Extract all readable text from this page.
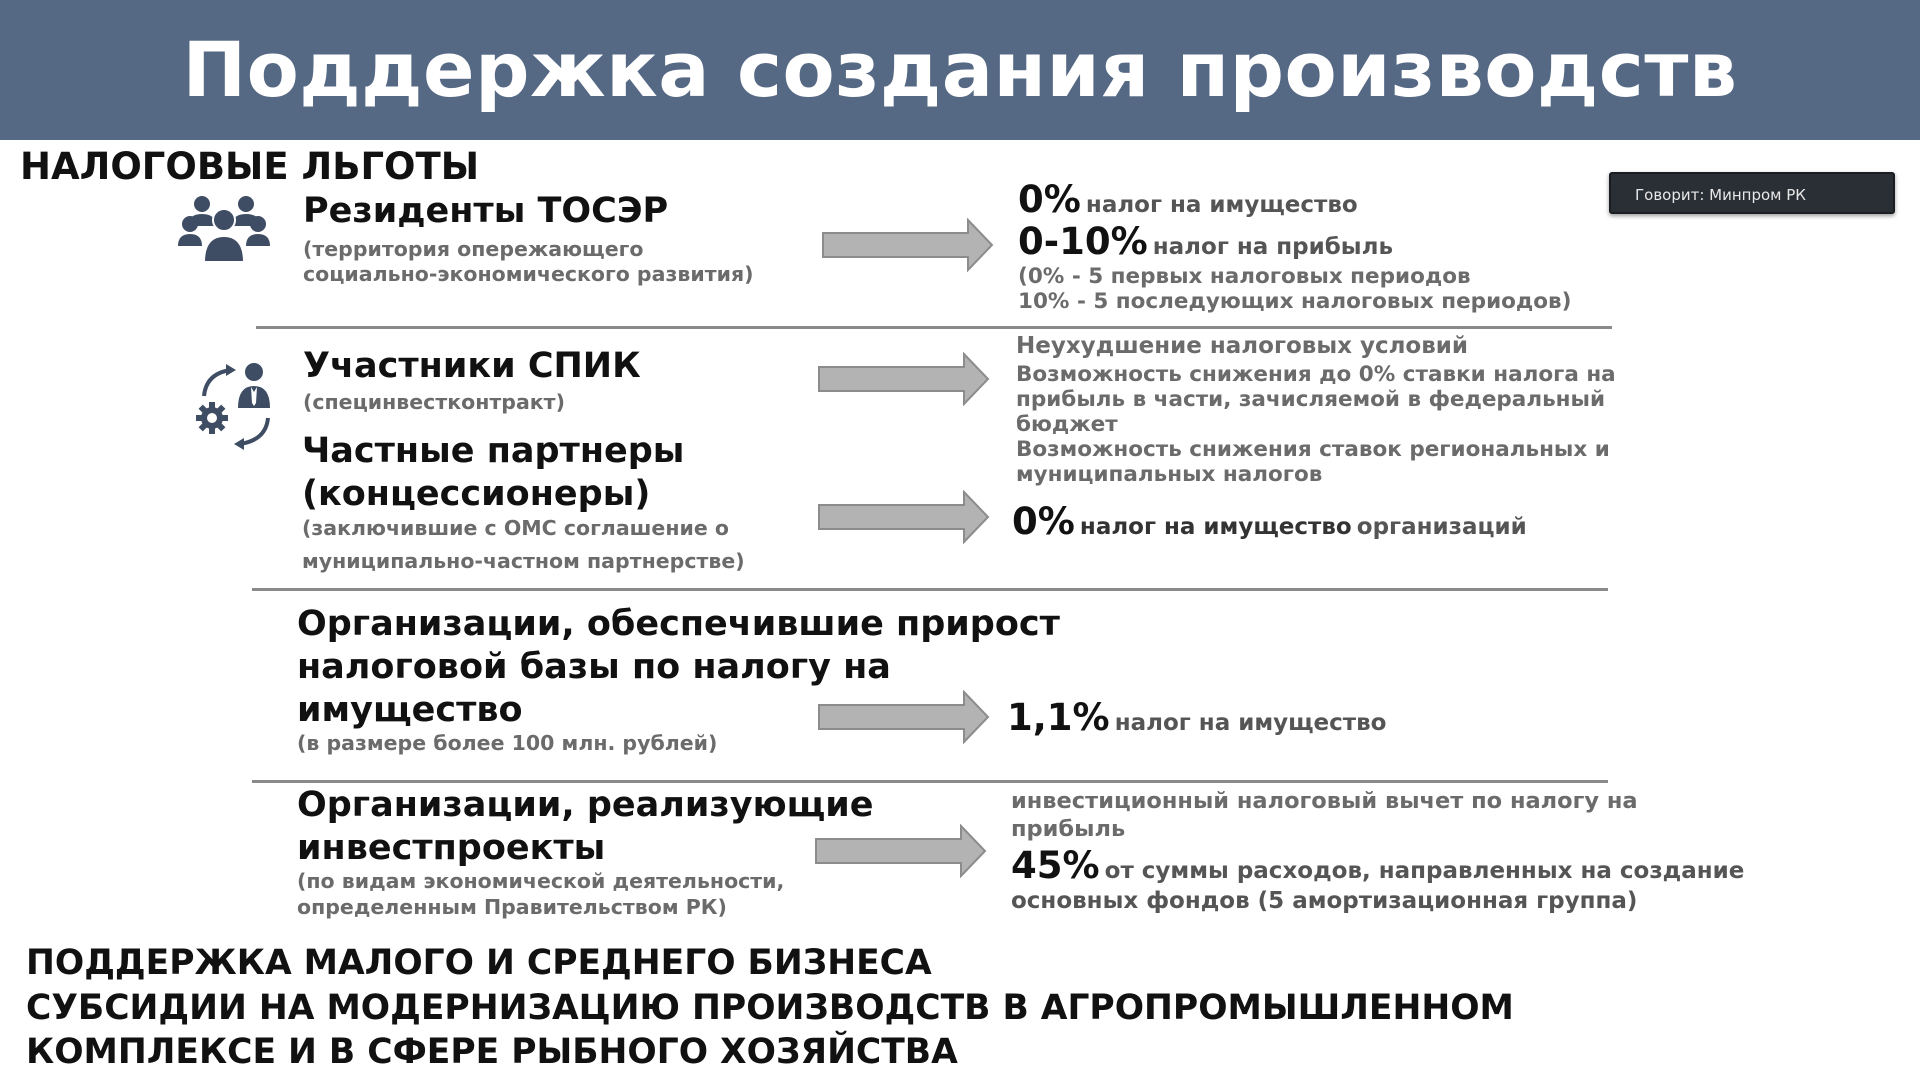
Поддержка создания производств
НАЛОГОВЫЕ ЛЬГОТЫ
Говорит: Минпром РК
Резиденты ТОСЭР
(территория опережающего
социально-экономического развития)
0% налог на имущество
0-10% налог на прибыль
(0% - 5 первых налоговых периодов
10% - 5 последующих налоговых периодов)
Участники СПИК
(специнвестконтракт)
Неухудшение налоговых условий
Возможность снижения до 0% ставки налога на
прибыль в части, зачисляемой в федеральный
бюджет
Возможность снижения ставок региональных и
муниципальных налогов
Частные партнеры
(концессионеры)
(заключившие с ОМС соглашение о
муниципально-частном партнерстве)
0% налог на имущество организаций
Организации, обеспечившие прирост
налоговой базы по налогу на
имущество
(в размере более 100 млн. рублей)
1,1% налог на имущество
Организации, реализующие
инвестпроекты
(по видам экономической деятельности,
определенным Правительством РК)
инвестиционный налоговый вычет по налогу на
прибыль
45% от суммы расходов, направленных на создание
основных фондов (5 амортизационная группа)
ПОДДЕРЖКА МАЛОГО И СРЕДНЕГО БИЗНЕСА
СУБСИДИИ НА МОДЕРНИЗАЦИЮ ПРОИЗВОДСТВ В АГРОПРОМЫШЛЕННОМ
КОМПЛЕКСЕ И В СФЕРЕ РЫБНОГО ХОЗЯЙСТВА
